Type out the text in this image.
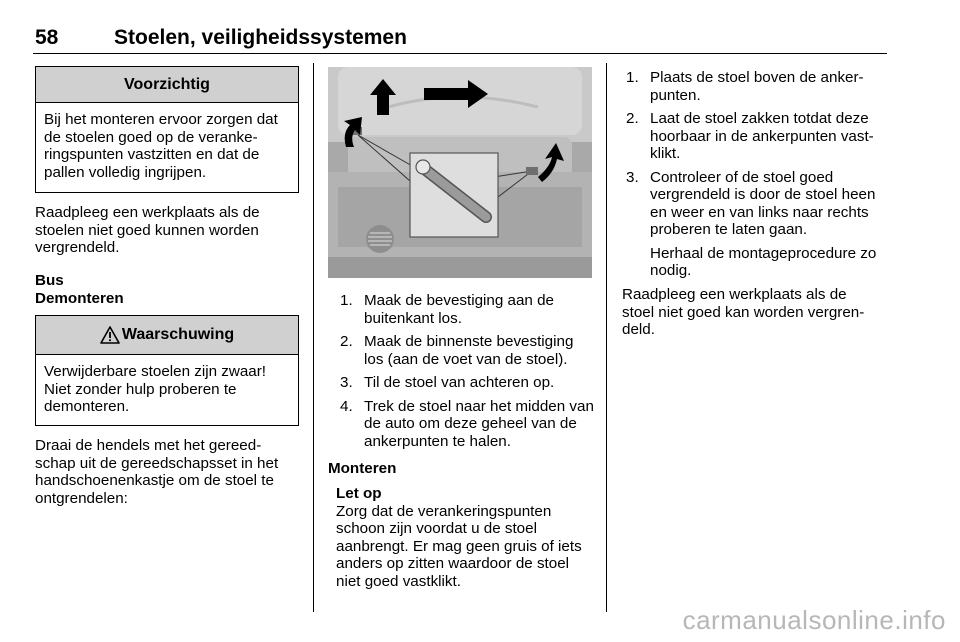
58	Stoelen, veiligheidssystemen
Voorzichtig
Bij het monteren ervoor zorgen dat
de stoelen goed op de veranke-
ringspunten vastzitten en dat de
pallen volledig ingrijpen.
Raadpleeg een werkplaats als de
stoelen niet goed kunnen worden
vergrendeld.
Bus
Demonteren
Waarschuwing
Verwijderbare stoelen zijn zwaar!
Niet zonder hulp proberen te
demonteren.
Draai de hendels met het gereed-
schap uit de gereedschapsset in het
handschoenenkastje om de stoel te
ontgrendelen:
1. Maak de bevestiging aan de
buitenkant los.
2. Maak de binnenste bevestiging
los (aan de voet van de stoel).
3. Til de stoel van achteren op.
4. Trek de stoel naar het midden van
de auto om deze geheel van de
ankerpunten te halen.
Monteren
Let op
Zorg dat de verankeringspunten
schoon zijn voordat u de stoel
aanbrengt. Er mag geen gruis of iets
anders op zitten waardoor de stoel
niet goed vastklikt.
1. Plaats de stoel boven de anker-
punten.
2. Laat de stoel zakken totdat deze
hoorbaar in de ankerpunten vast-
klikt.
3. Controleer of de stoel goed
vergrendeld is door de stoel heen
en weer en van links naar rechts
proberen te laten gaan.
Herhaal de montageprocedure zo
nodig.
Raadpleeg een werkplaats als de
stoel niet goed kan worden vergren-
deld.
carmanualsonline.info
